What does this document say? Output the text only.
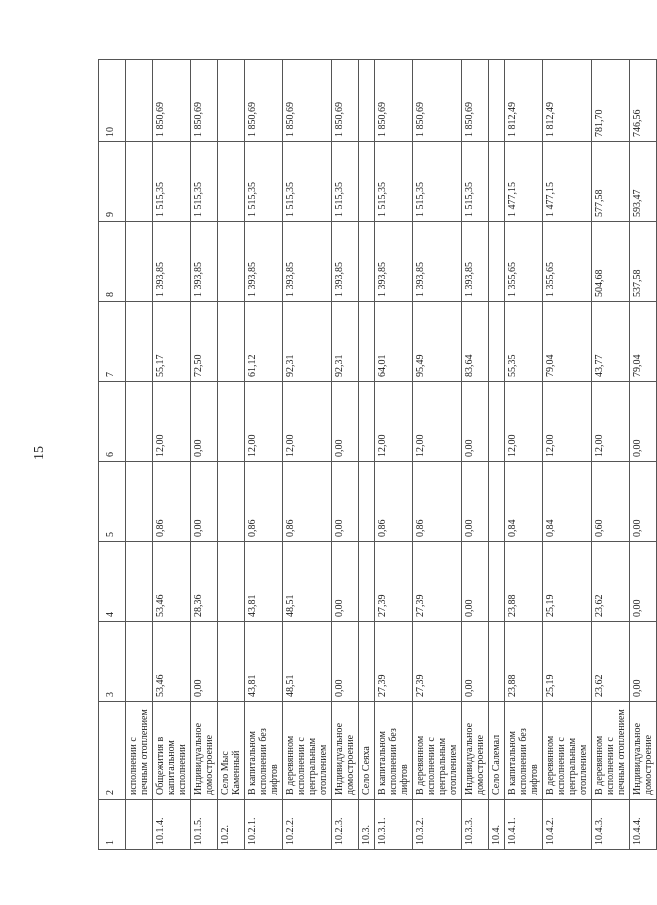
15
1	2	3	4	5	6	7	8	9	10
	исполнении с печным отоплением								
10.1.4.	Общежития в капитальном исполнении	53,46	53,46	0,86	12,00	55,17	1 393,85	1 515,35	1 850,69
10.1.5.	Индивидуальное домостроение	0,00	28,36	0,00	0,00	72,50	1 393,85	1 515,35	1 850,69
10.2.	Село Мыс Каменный								
10.2.1.	В капитальном исполнении без лифтов	43,81	43,81	0,86	12,00	61,12	1 393,85	1 515,35	1 850,69
10.2.2.	В деревянном исполнении с центральным отоплением	48,51	48,51	0,86	12,00	92,31	1 393,85	1 515,35	1 850,69
10.2.3.	Индивидуальное домостроение	0,00	0,00	0,00	0,00	92,31	1 393,85	1 515,35	1 850,69
10.3.	Село Сеяха								
10.3.1.	В капитальном исполнении без лифтов	27,39	27,39	0,86	12,00	64,01	1 393,85	1 515,35	1 850,69
10.3.2.	В деревянном исполнении с центральным отоплением	27,39	27,39	0,86	12,00	95,49	1 393,85	1 515,35	1 850,69
10.3.3.	Индивидуальное домостроение	0,00	0,00	0,00	0,00	83,64	1 393,85	1 515,35	1 850,69
10.4.	Село Салемал								
10.4.1.	В капитальном исполнении без лифтов	23,88	23,88	0,84	12,00	55,35	1 355,65	1 477,15	1 812,49
10.4.2.	В деревянном исполнении с центральным отоплением	25,19	25,19	0,84	12,00	79,04	1 355,65	1 477,15	1 812,49
10.4.3.	В деревянном исполнении с печным отоплением	23,62	23,62	0,60	12,00	43,77	504,68	577,58	781,70
10.4.4.	Индивидуальное домостроение	0,00	0,00	0,00	0,00	79,04	537,58	593,47	746,56
